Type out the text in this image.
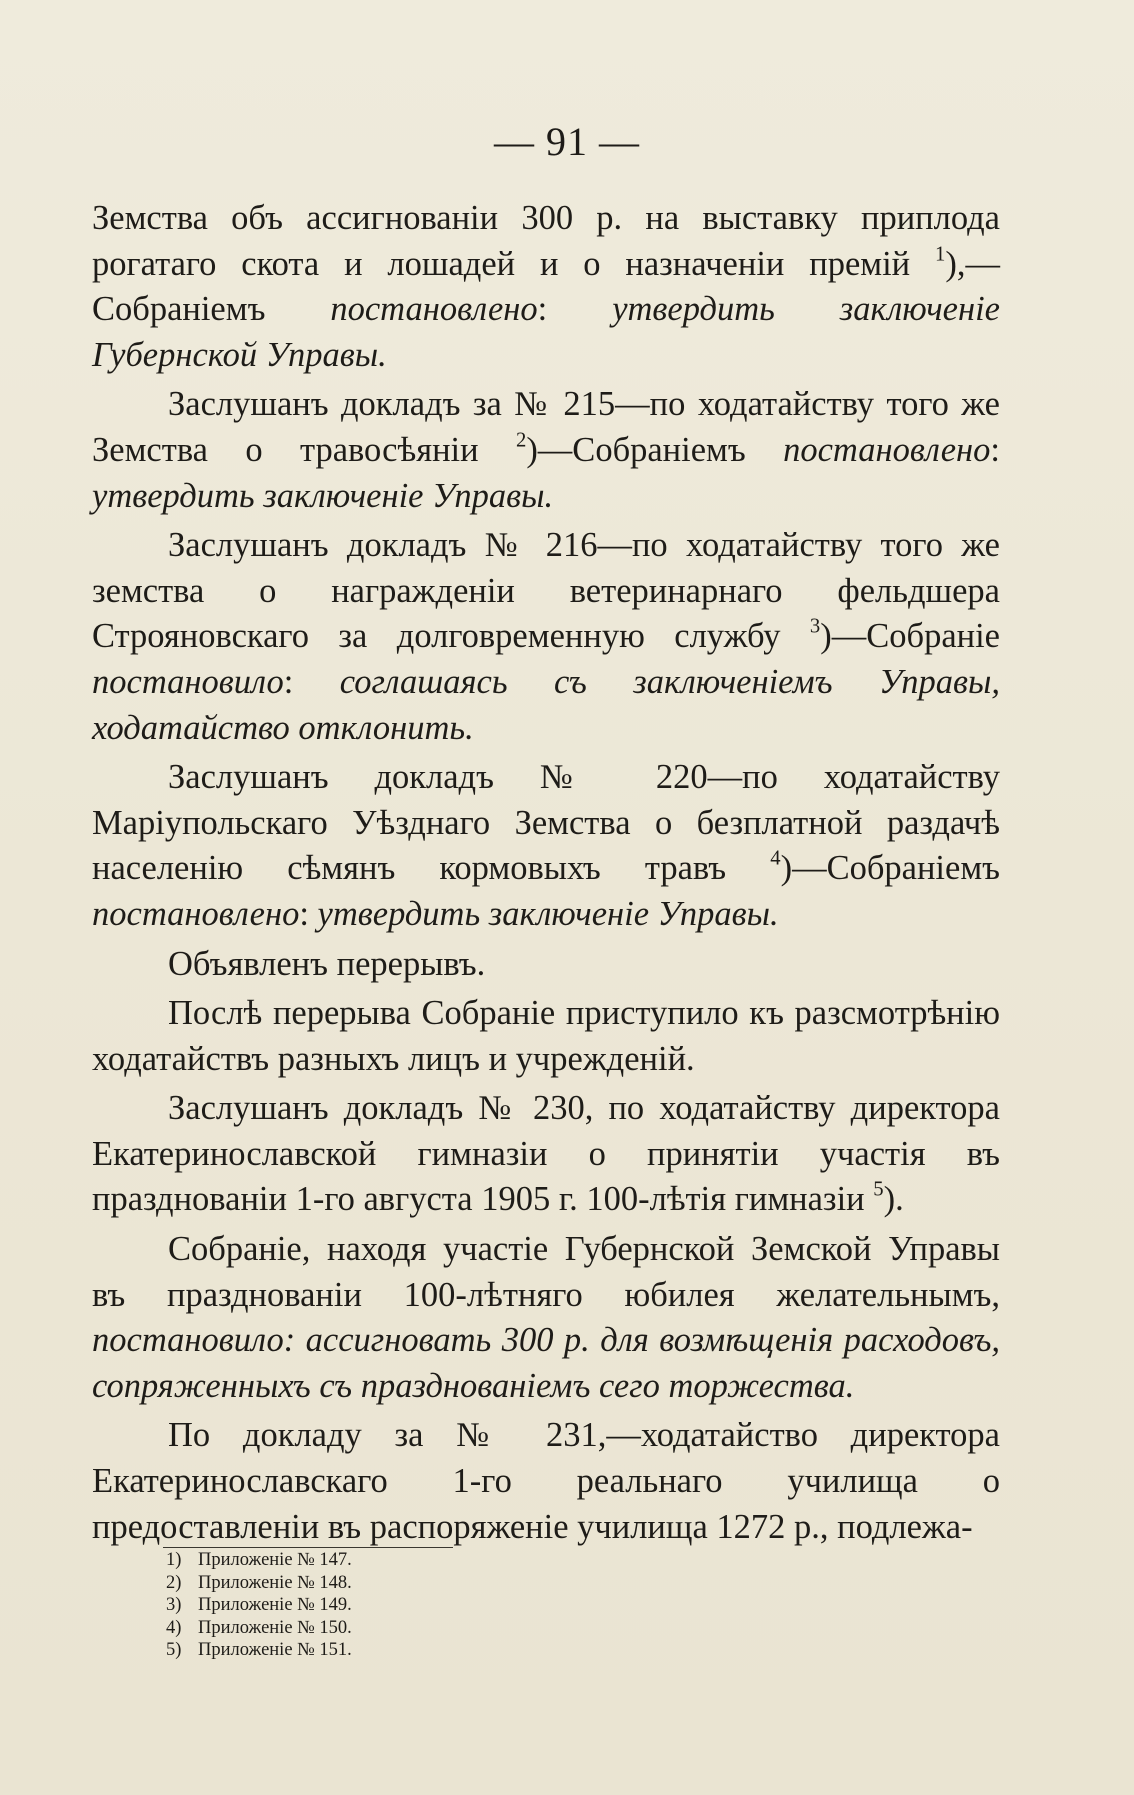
— 91 —

Земства объ ассигнованіи 300 р. на выставку приплода рогатаго скота и лошадей и о назначеніи премій $^1$),— Собраніемъ постановлено: утвердить заключеніе Губернской Управы.

Заслушанъ докладъ за № 215—по ходатайству того же Земства о травосѣяніи $^2$)—Собраніемъ постановлено: утвердить заключеніе Управы.

Заслушанъ докладъ № 216—по ходатайству того же земства о награжденіи ветеринарнаго фельдшера Строяновскаго за долговременную службу $^3$)—Собраніе постановило: соглашаясь съ заключеніемъ Управы, ходатайство отклонить.

Заслушанъ докладъ № 220—по ходатайству Маріупольскаго Уѣзднаго Земства о безплатной раздачѣ населенію сѣмянъ кормовыхъ травъ $^4$)—Собраніемъ постановлено: утвердить заключеніе Управы.

Объявленъ перерывъ.

Послѣ перерыва Собраніе приступило къ разсмотрѣнію ходатайствъ разныхъ лицъ и учрежденій.

Заслушанъ докладъ № 230, по ходатайству директора Екатеринославской гимназіи о принятіи участія въ празднованіи 1-го августа 1905 г. 100-лѣтія гимназіи $^5$).

Собраніе, находя участіе Губернской Земской Управы въ празднованіи 100-лѣтняго юбилея желательнымъ, постановило: ассигновать 300 р. для возмѣщенія расходовъ, сопряженныхъ съ празднованіемъ сего торжества.

По докладу за № 231,—ходатайство директора Екатеринославскаго 1-го реальнаго училища о предоставленіи въ распоряженіе училища 1272 р., подлежа-

1) Приложеніе № 147.
2) Приложеніе № 148.
3) Приложеніе № 149.
4) Приложеніе № 150.
5) Приложеніе № 151.
